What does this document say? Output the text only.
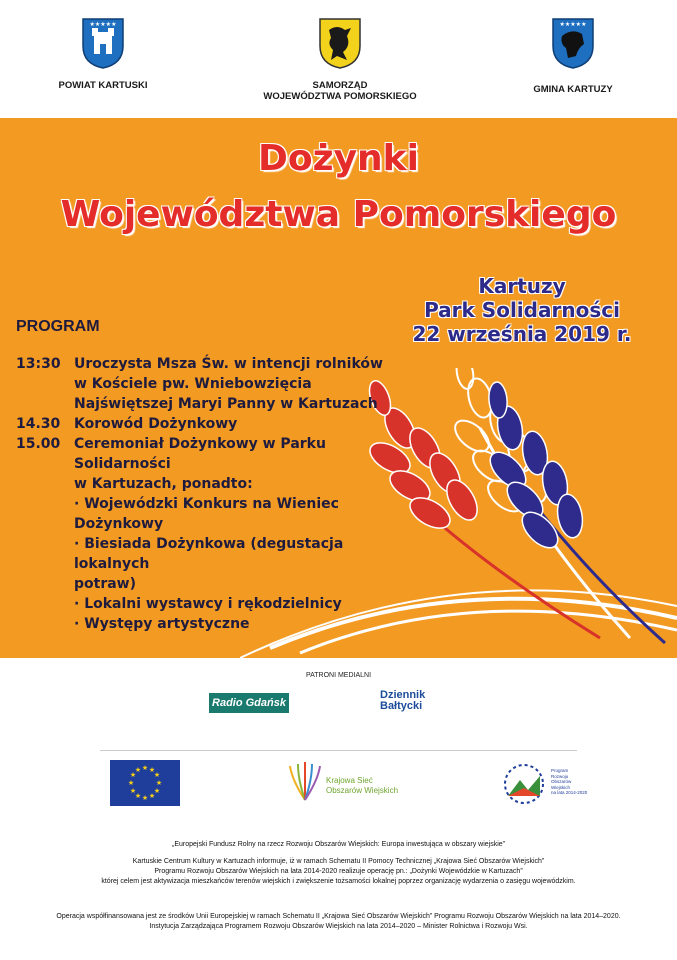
★★★★★
POWIAT KARTUSKI	SAMORZĄD
WOJEWÓDZTWA POMORSKIEGO
★★★★★
GMINA KARTUZY
Dożynki
Województwa Pomorskiego
Kartuzy
Park Solidarności
22 września 2019 r.
PROGRAM
13:30 Uroczysta Msza Św. w intencji rolników
w Kościele pw. Wniebowzięcia
Najświętszej Maryi Panny w Kartuzach
14.30 Korowód Dożynkowy
15.00 Ceremoniał Dożynkowy w Parku Solidarności
w Kartuzach, ponadto:
· Wojewódzki Konkurs na Wieniec Dożynkowy
· Biesiada Dożynkowa (degustacja lokalnych
potraw)
· Lokalni wystawcy i rękodzielnicy
· Występy artystyczne
PATRONI MEDIALNI
Radio Gdańsk
Dziennik
Bałtycki
★ ★
★
★
★
★
★
★
★
★
★
★
Krajowa Sieć
Obszarów Wiejskich
Program
Rozwoju
Obszarów
Wiejskich
na lata 2014-2020
„Europejski Fundusz Rolny na rzecz Rozwoju Obszarów Wiejskich: Europa inwestująca w obszary wiejskie”
Kartuskie Centrum Kultury w Kartuzach informuje, iż w ramach Schematu II Pomocy Technicznej „Krajowa Sieć Obszarów Wiejskich”
Programu Rozwoju Obszarów Wiejskich na lata 2014-2020 realizuje operację pn.: „Dożynki Wojewódzkie w Kartuzach”
której celem jest aktywizacja mieszkańców terenów wiejskich i zwiększenie tożsamości lokalnej poprzez organizację wydarzenia o zasięgu wojewódzkim.
Operacja współfinansowana jest ze środków Unii Europejskiej w ramach Schematu II „Krajowa Sieć Obszarów Wiejskich” Programu Rozwoju Obszarów Wiejskich na lata 2014–2020.
Instytucja Zarządzająca Programem Rozwoju Obszarów Wiejskich na lata 2014–2020 – Minister Rolnictwa i Rozwoju Wsi.
